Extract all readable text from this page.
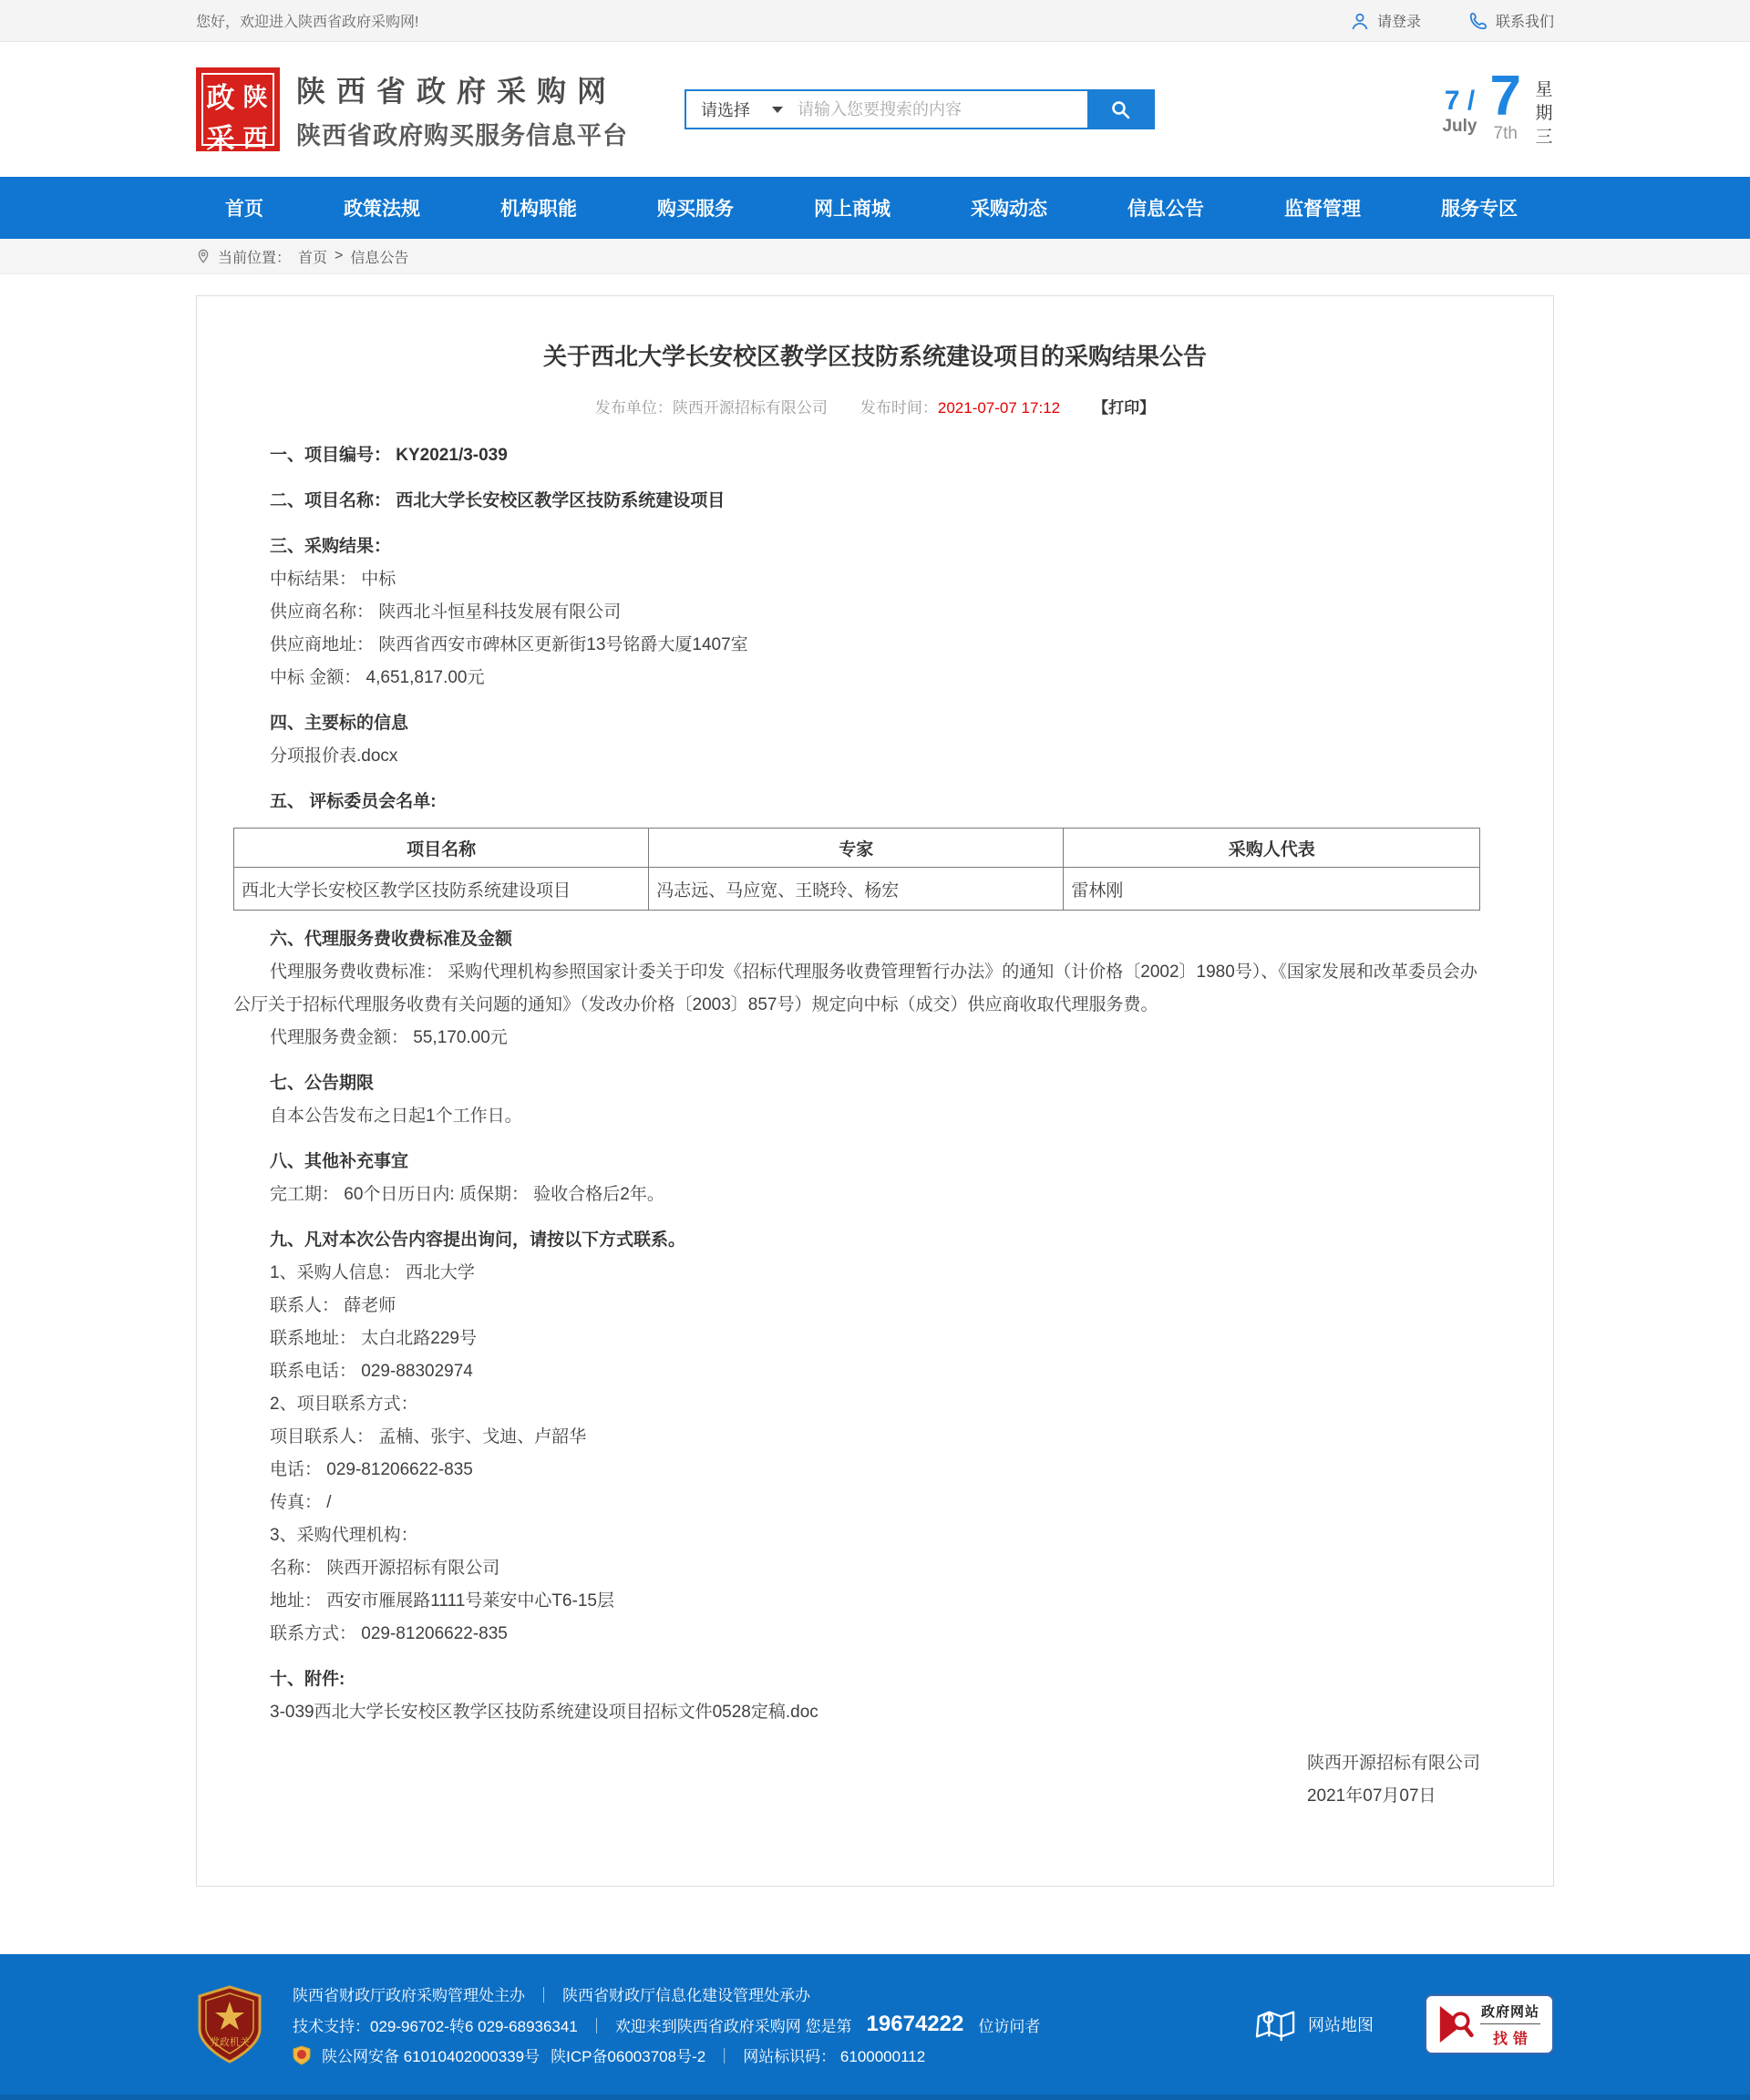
您好，欢迎进入陕西省政府采购网!	请登录	联系我们
政 陕
采 西
陕西省政府采购网
陕西省政府购买服务信息平台
请选择
请输入您要搜索的内容	7 /
July 7
7th
星期三
首页	政策法规	机构职能	购买服务	网上商城	采购动态	信息公告	监督管理	服务专区
当前位置： 首页 > 信息公告
关于西北大学长安校区教学区技防系统建设项目的采购结果公告
发布单位：陕西开源招标有限公司 发布时间：2021-07-07 17:12 【打印】
一、项目编号： KY2021/3-039
二、项目名称： 西北大学长安校区教学区技防系统建设项目
三、采购结果：
中标结果： 中标
供应商名称： 陕西北斗恒星科技发展有限公司
供应商地址： 陕西省西安市碑林区更新街13号铭爵大厦1407室
中标 金额： 4,651,817.00元
四、主要标的信息
分项报价表.docx
五、 评标委员会名单:
项目名称	专家	采购人代表
西北大学长安校区教学区技防系统建设项目	冯志远、马应宽、王晓玲、杨宏	雷林刚
六、代理服务费收费标准及金额
代理服务费收费标准： 采购代理机构参照国家计委关于印发《招标代理服务收费管理暂行办法》的通知（计价格〔2002〕1980号）、《国家发展和改革委员会办公厅关于招标代理服务收费有关问题的通知》（发改办价格〔2003〕857号）规定向中标（成交）供应商收取代理服务费。
代理服务费金额： 55,170.00元
七、公告期限
自本公告发布之日起1个工作日。
八、其他补充事宜
完工期： 60个日历日内: 质保期： 验收合格后2年。
九、凡对本次公告内容提出询问，请按以下方式联系。
1、采购人信息： 西北大学
联系人： 薛老师
联系地址： 太白北路229号
联系电话： 029-88302974
2、项目联系方式：
项目联系人： 孟楠、张宇、戈迪、卢韶华
电话： 029-81206622-835
传真： /
3、采购代理机构：
名称： 陕西开源招标有限公司
地址： 西安市雁展路1111号莱安中心T6-15层
联系方式： 029-81206622-835
十、附件:
3-039西北大学长安校区教学区技防系统建设项目招标文件0528定稿.doc
陕西开源招标有限公司
2021年07月07日
党政机关
陕西省财政厅政府采购管理处主办 ｜ 陕西省财政厅信息化建设管理处承办
技术支持：029-96702-转6 029-68936341 ｜ 欢迎来到陕西省政府采购网 您是第 19674222 位访问者
陕公网安备 61010402000339号 陕ICP备06003708号-2 ｜ 网站标识码： 6100000112
网站地图
政府网站
找错
